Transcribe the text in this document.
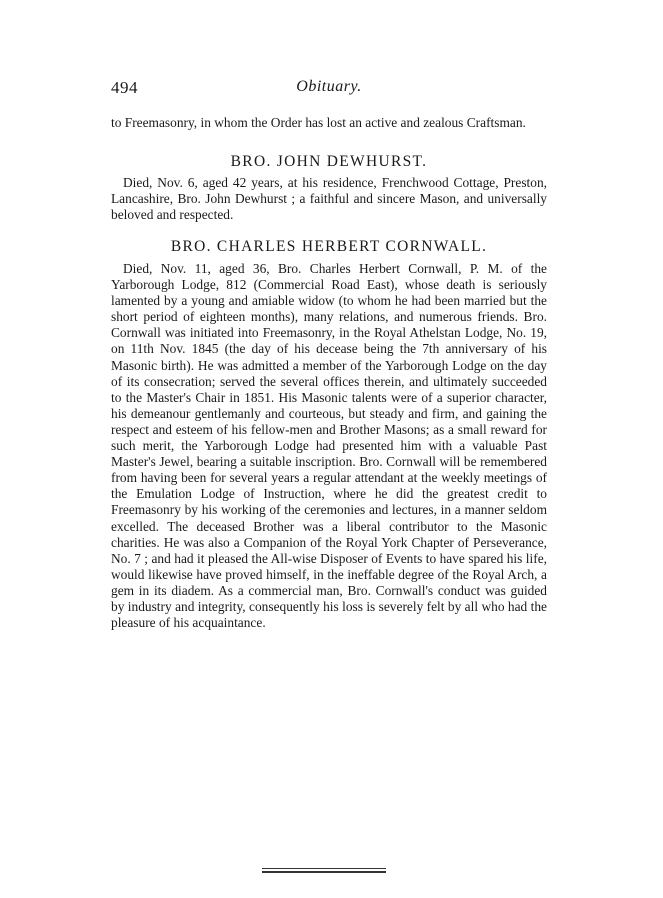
494	Obituary.

to Freemasonry, in whom the Order has lost an active and zealous Craftsman.

BRO. JOHN DEWHURST.

Died, Nov. 6, aged 42 years, at his residence, Frenchwood Cottage, Preston, Lancashire, Bro. John Dewhurst ; a faithful and sincere Mason, and universally beloved and respected.

BRO. CHARLES HERBERT CORNWALL.

Died, Nov. 11, aged 36, Bro. Charles Herbert Cornwall, P. M. of the Yarborough Lodge, 812 (Commercial Road East), whose death is seriously lamented by a young and amiable widow (to whom he had been married but the short period of eighteen months), many relations, and numerous friends. Bro. Cornwall was initiated into Freemasonry, in the Royal Athelstan Lodge, No. 19, on 11th Nov. 1845 (the day of his decease being the 7th anniversary of his Masonic birth). He was admitted a member of the Yarborough Lodge on the day of its consecration; served the several offices therein, and ultimately succeeded to the Master's Chair in 1851. His Masonic talents were of a superior character, his demeanour gentlemanly and courteous, but steady and firm, and gaining the respect and esteem of his fellow-men and Brother Masons; as a small reward for such merit, the Yarborough Lodge had presented him with a valuable Past Master's Jewel, bearing a suitable inscription. Bro. Cornwall will be remembered from having been for several years a regular attendant at the weekly meetings of the Emulation Lodge of Instruction, where he did the greatest credit to Freemasonry by his working of the ceremonies and lectures, in a manner seldom excelled. The deceased Brother was a liberal contributor to the Masonic charities. He was also a Companion of the Royal York Chapter of Perseverance, No. 7 ; and had it pleased the All-wise Disposer of Events to have spared his life, would likewise have proved himself, in the ineffable degree of the Royal Arch, a gem in its diadem. As a commercial man, Bro. Cornwall's conduct was guided by industry and integrity, consequently his loss is severely felt by all who had the pleasure of his acquaintance.
